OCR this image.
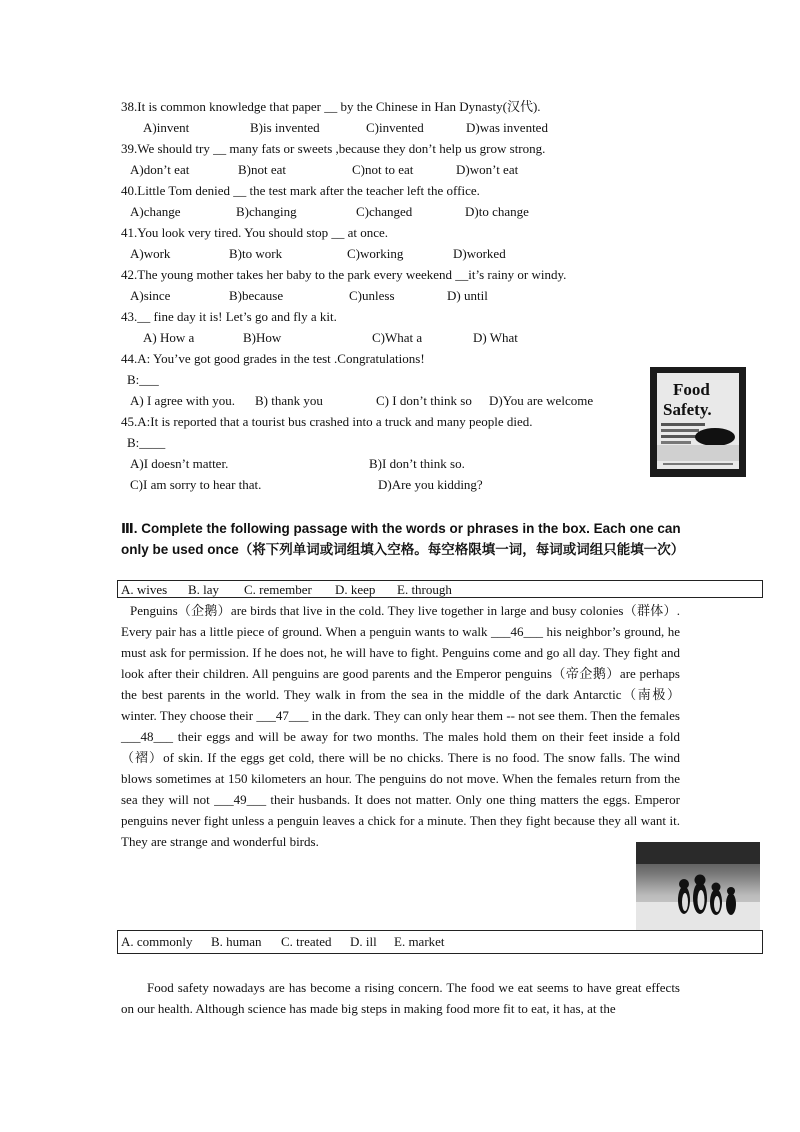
38.It is common knowledge that paper __ by the Chinese in Han Dynasty(汉代).
A)invent	B)is invented	C)invented	D)was invented
39.We should try __ many fats or sweets ,because they don’t help us grow strong.
A)don’t eat	B)not eat	C)not to eat	D)won’t eat
40.Little Tom denied __ the test mark after the teacher left the office.
A)change	B)changing	C)changed	D)to change
41.You look very tired. You should stop __ at once.
A)work	B)to work	C)working	D)worked
42.The young mother takes her baby to the park every weekend __it’s rainy or windy.
A)since	B)because	C)unless	D) until
43.__ fine day it is! Let’s go and fly a kit.
A) How a	B)How	C)What a	D) What
44.A: You’ve got good grades in the test .Congratulations!
B:___
A) I agree with you. B) thank you	C) I don’t think so D)You are welcome
45.A:It is reported that a tourist bus crashed into a truck and many people died.
B:____
A)I doesn’t matter.	B)I don’t think so.
C)I am sorry to hear that.	D)Are you kidding?
Food
Safety.
Ⅲ. Complete the following passage with the words or phrases in the box. Each one can only be used once（将下列单词或词组填入空格。每空格限填一词，每词或词组只能填一次）
A. wives B. lay C. remember D. keep E. through

Penguins（企鹅）are birds that live in the cold. They live together in large and busy colonies（群体）. Every pair has a little piece of ground. When a penguin wants to walk ___46___ his neighbor’s ground, he must ask for permission. If he does not, he will have to fight. Penguins come and go all day. They fight and look after their children. All penguins are good parents and the Emperor penguins（帝企鹅）are perhaps the best parents in the world. They walk in from the sea in the middle of the dark Antarctic（南极） winter. They choose their ___47___ in the dark. They can only hear them -- not see them. Then the females ___48___ their eggs and will be away for two months. The males hold them on their feet inside a fold（褶）of skin. If the eggs get cold, there will be no chicks. There is no food. The snow falls. The wind blows sometimes at 150 kilometers an hour. The penguins do not move. When the females return from the sea they will not ___49___ their husbands. It does not matter. Only one thing matters the eggs. Emperor penguins never fight unless a penguin leaves a chick for a minute. Then they fight because they all want it. They are strange and wonderful birds.

A. commonly B. human C. treated D. ill E. market

Food safety nowadays are has become a rising concern. The food we eat seems to have great effects on our health. Although science has made big steps in making food more fit to eat, it has, at the
